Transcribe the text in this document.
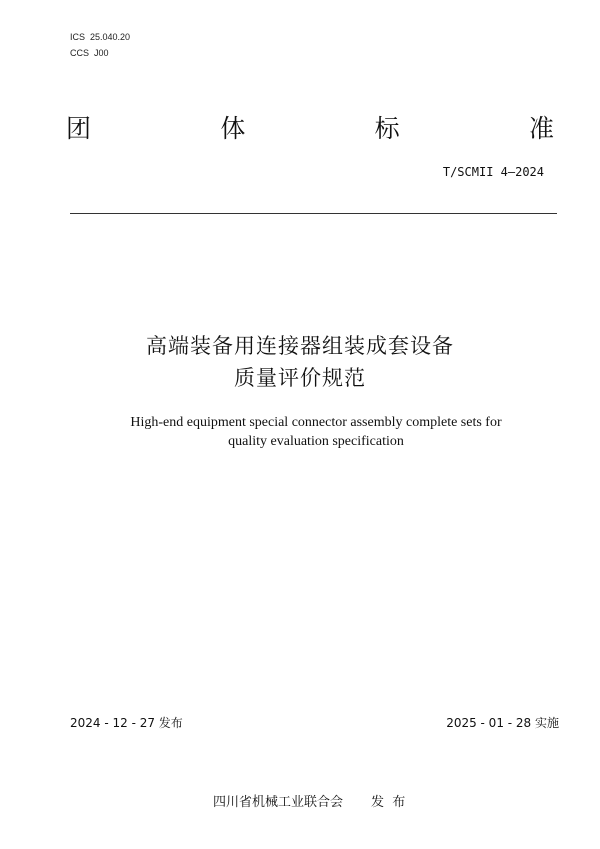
ICS  25.040.20
CCS  J00
团	体	标	准
T/SCMII 4—2024
高端装备用连接器组装成套设备
质量评价规范
High-end equipment special connector assembly complete sets for
quality evaluation specification
2024 - 12 - 27 发布	2025 - 01 - 28 实施

四川省机械工业联合会 发  布
